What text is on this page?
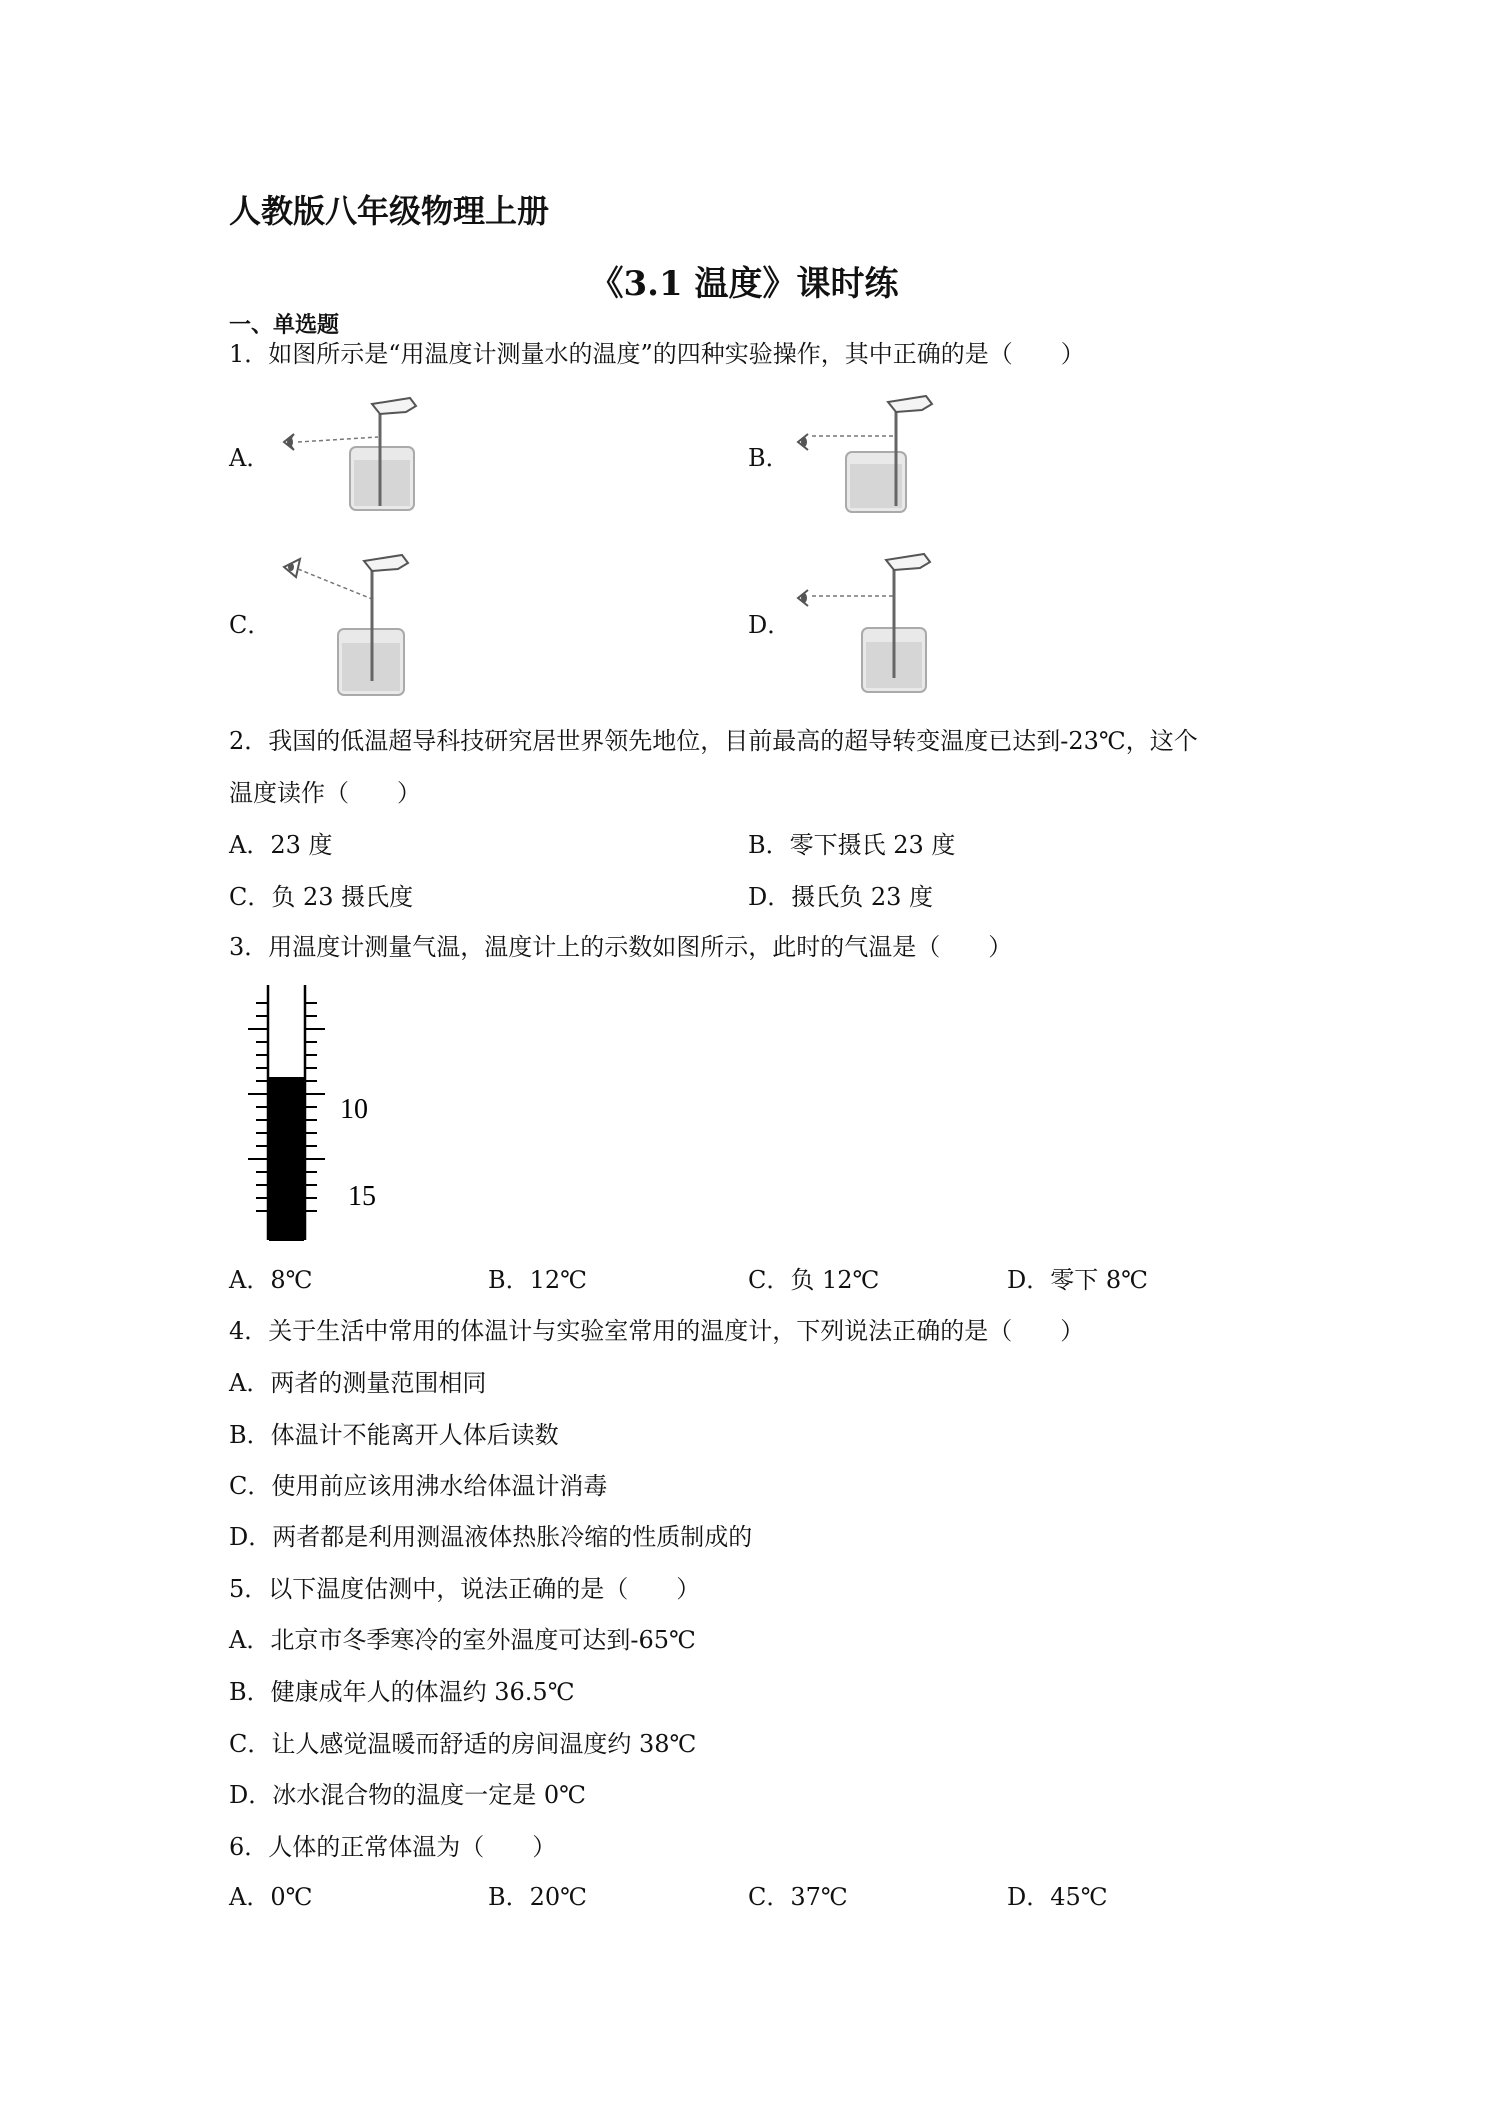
人教版八年级物理上册
《3.1 温度》课时练
一、单选题
1．如图所示是“用温度计测量水的温度”的四种实验操作，其中正确的是（　　）
A．	B．
C．	D．
2．我国的低温超导科技研究居世界领先地位，目前最高的超导转变温度已达到-23℃，这个
温度读作（　　）
A．23 度	B．零下摄氏 23 度
C．负 23 摄氏度	D．摄氏负 23 度
3．用温度计测量气温，温度计上的示数如图所示，此时的气温是（　　）
10
15
A．8℃	B．12℃	C．负 12℃	D．零下 8℃
4．关于生活中常用的体温计与实验室常用的温度计，下列说法正确的是（　　）
A．两者的测量范围相同
B．体温计不能离开人体后读数
C．使用前应该用沸水给体温计消毒
D．两者都是利用测温液体热胀冷缩的性质制成的
5．以下温度估测中，说法正确的是（　　）
A．北京市冬季寒冷的室外温度可达到-65℃
B．健康成年人的体温约 36.5℃
C．让人感觉温暖而舒适的房间温度约 38℃
D．冰水混合物的温度一定是 0℃
6．人体的正常体温为（　　）
A．0℃	B．20℃	C．37℃	D．45℃
